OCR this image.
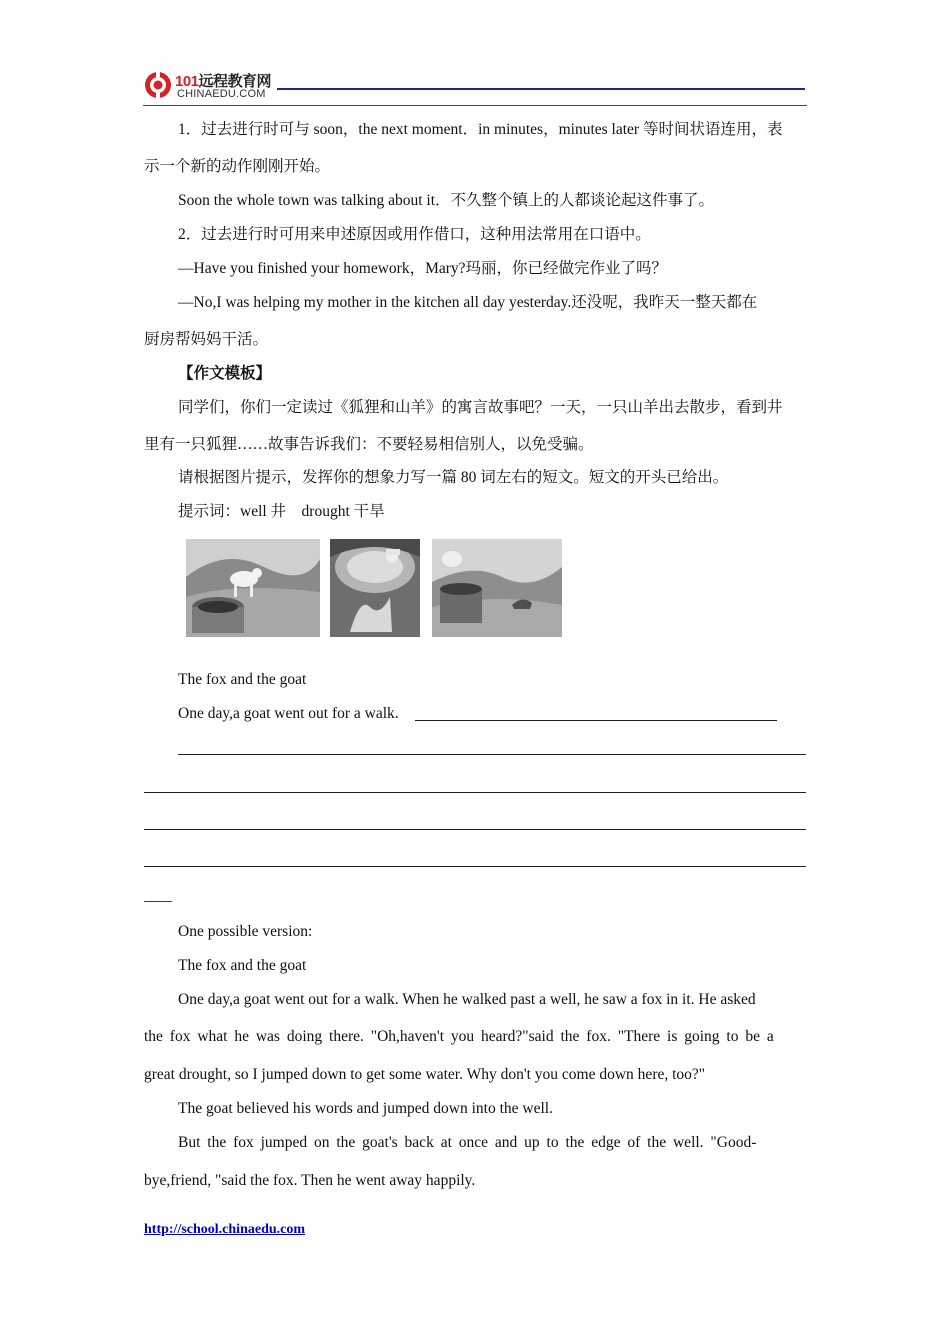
101远程教育网
CHINAEDU.COM

1．过去进行时可与 soon，the next moment．in minutes，minutes later 等时间状语连用，表

示一个新的动作刚刚开始。

Soon the whole town was talking about it．不久整个镇上的人都谈论起这件事了。

2．过去进行时可用来申述原因或用作借口，这种用法常用在口语中。

—Have you finished your homework，Mary?玛丽，你已经做完作业了吗？

—No,I was helping my mother in the kitchen all day yesterday.还没呢，我昨天一整天都在

厨房帮妈妈干活。

【作文模板】

同学们，你们一定读过《狐狸和山羊》的寓言故事吧？一天，一只山羊出去散步，看到井

里有一只狐狸……故事告诉我们：不要轻易相信别人，以免受骗。

请根据图片提示，发挥你的想象力写一篇 80 词左右的短文。短文的开头已给出。

提示词：well 井　drought 干旱

The fox and the goat

One day,a goat went out for a walk.

____

One possible version:

The fox and the goat

One day,a goat went out for a walk. When he walked past a well, he saw a fox in it. He asked

the fox what he was doing there. "Oh,haven't you heard?"said the fox. "There is going to be a

great drought, so I jumped down to get some water. Why don't you come down here, too?"

The goat believed his words and jumped down into the well.

But the fox jumped on the goat's back at once and up to the edge of the well. "Good-

bye,friend, "said the fox. Then he went away happily.

http://school.chinaedu.com
